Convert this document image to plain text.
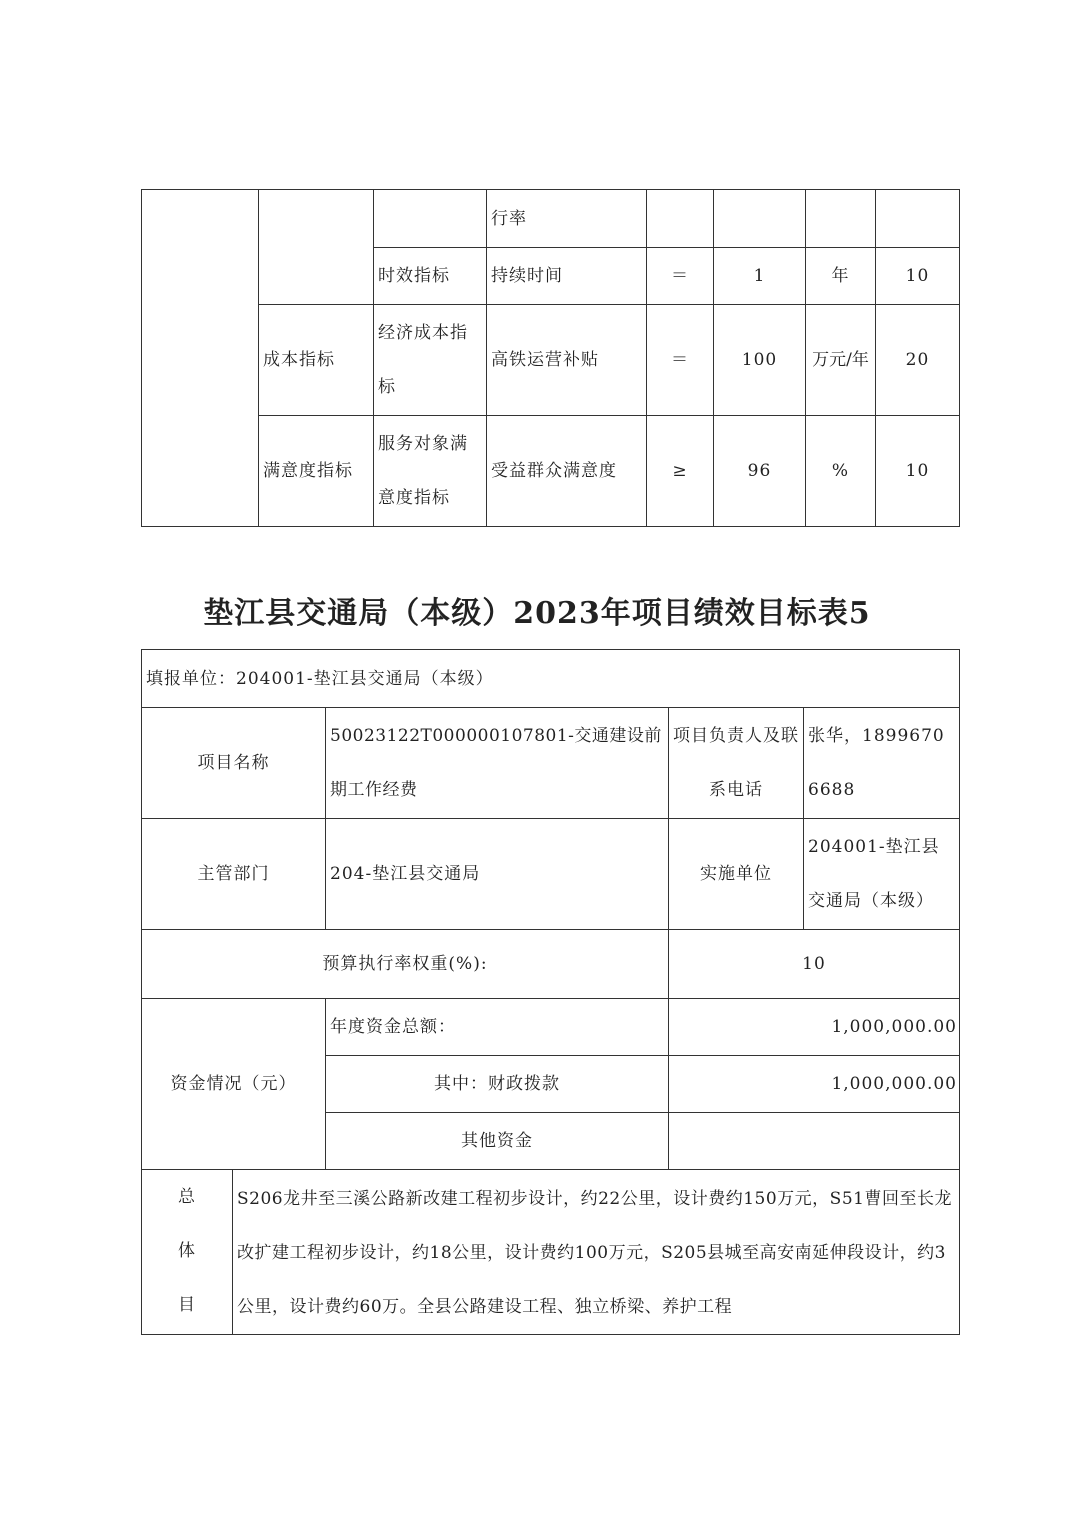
			行率				
		时效指标	持续时间	＝	1	年	10
	成本指标	经济成本指标	高铁运营补贴	＝	100	万元/年	20
	满意度指标	服务对象满意度指标	受益群众满意度	≥	96	%	10
垫江县交通局（本级）2023年项目绩效目标表5
填报单位：204001-垫江县交通局（本级）				
项目名称		50023122T000000107801-交通建设前期工作经费	项目负责人及联系电话	张华，18996706688
主管部门		204-垫江县交通局	实施单位	204001-垫江县交通局（本级）
预算执行率权重(%):			10	
资金情况（元）		年度资金总额：	1,000,000.00	
		其中：财政拨款	1,000,000.00	
		其他资金		
总体目	S206龙井至三溪公路新改建工程初步设计，约22公里，设计费约150万元，S51曹回至长龙改扩建工程初步设计，约18公里，设计费约100万元，S205县城至高安南延伸段设计，约3公里，设计费约60万。全县公路建设工程、独立桥梁、养护工程			
